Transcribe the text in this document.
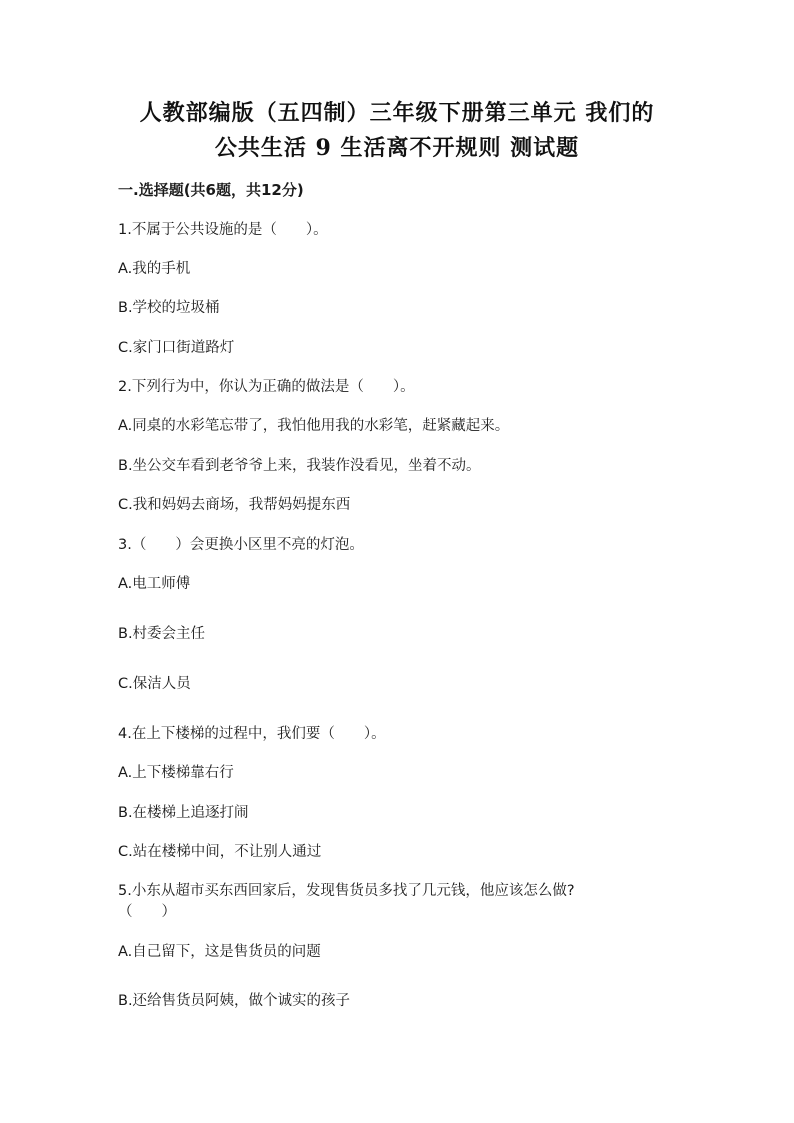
人教部编版（五四制）三年级下册第三单元 我们的
公共生活 9 生活离不开规则 测试题
一.选择题(共6题，共12分)
1.不属于公共设施的是（　　）。
A.我的手机
B.学校的垃圾桶
C.家门口街道路灯
2.下列行为中，你认为正确的做法是（　　）。
A.同桌的水彩笔忘带了，我怕他用我的水彩笔，赶紧藏起来。
B.坐公交车看到老爷爷上来，我装作没看见，坐着不动。
C.我和妈妈去商场，我帮妈妈提东西
3.（　　）会更换小区里不亮的灯泡。
A.电工师傅
B.村委会主任
C.保洁人员
4.在上下楼梯的过程中，我们要（　　）。
A.上下楼梯靠右行
B.在楼梯上追逐打闹
C.站在楼梯中间，不让别人通过
5.小东从超市买东西回家后，发现售货员多找了几元钱，他应该怎么做?
（　　）
A.自己留下，这是售货员的问题
B.还给售货员阿姨，做个诚实的孩子
